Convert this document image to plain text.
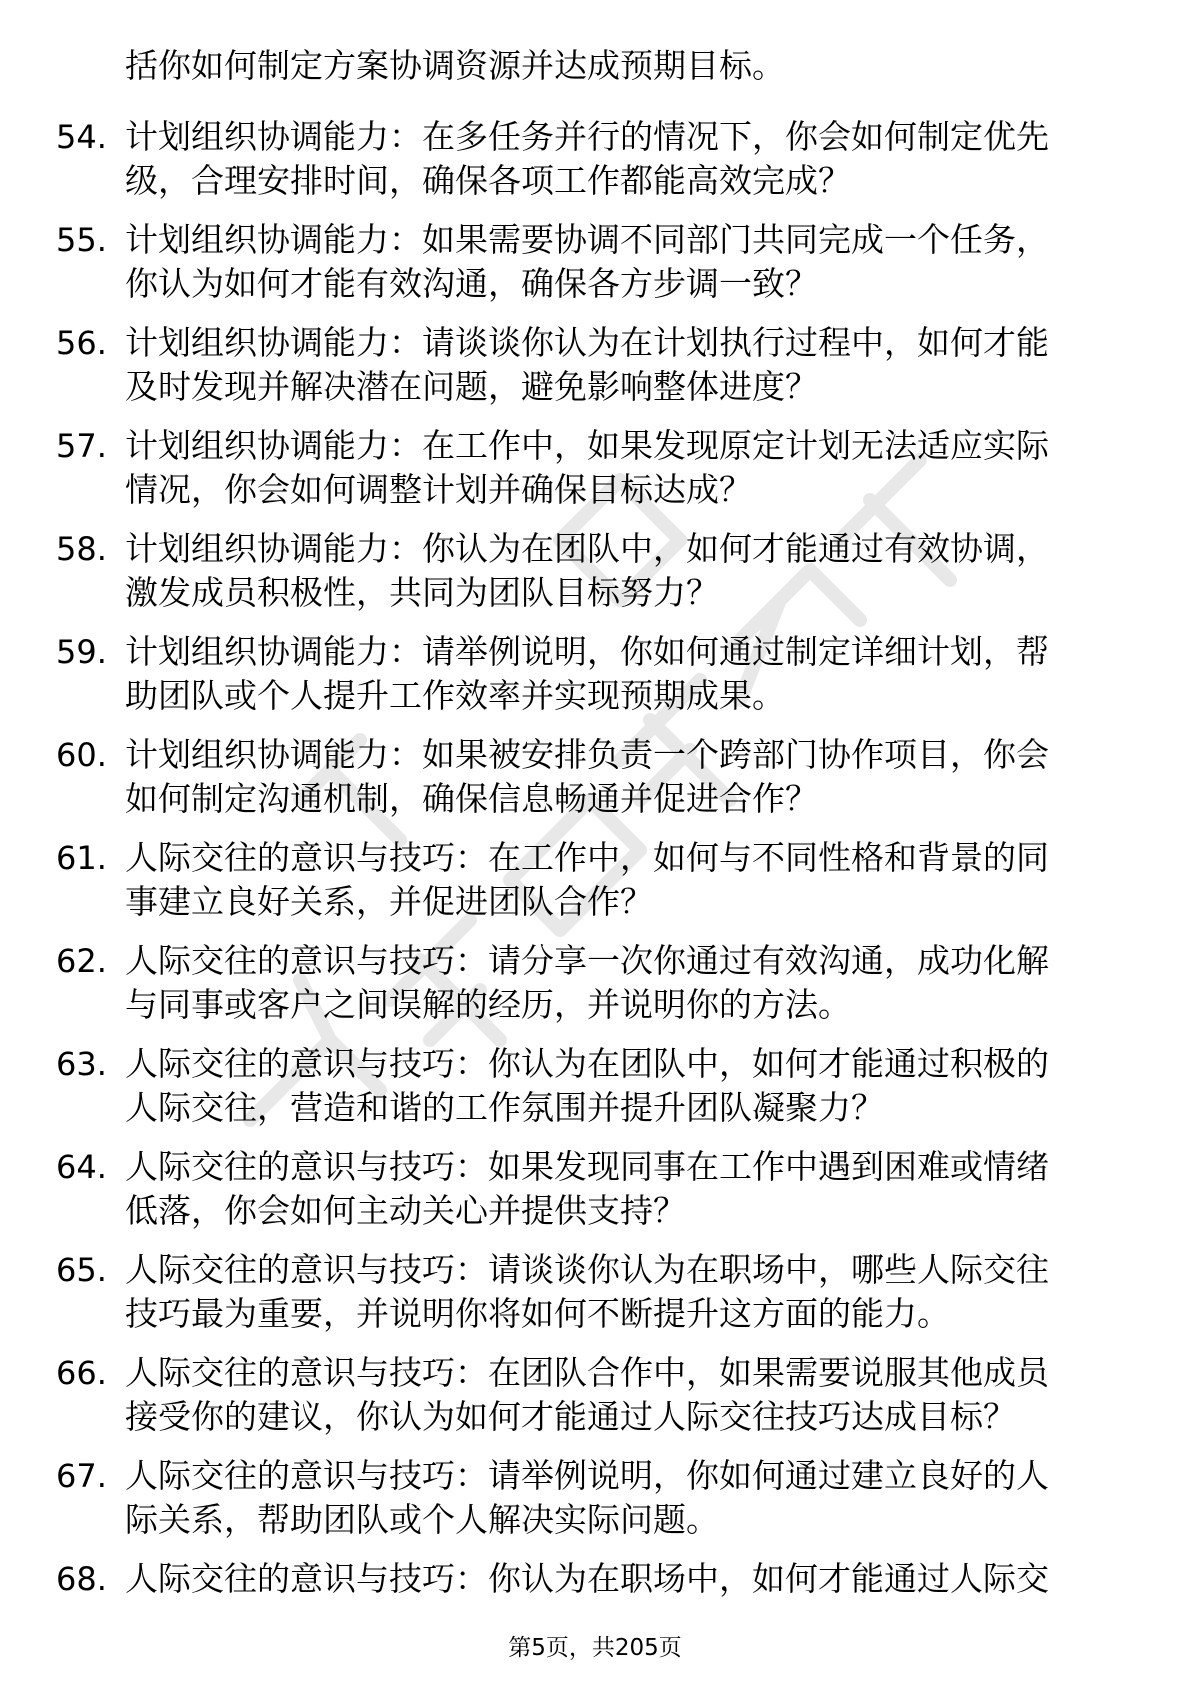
括你如何制定方案协调资源并达成预期目标。
54. 计划组织协调能力：在多任务并行的情况下，你会如何制定优先
级，合理安排时间，确保各项工作都能高效完成？
55. 计划组织协调能力：如果需要协调不同部门共同完成一个任务，
你认为如何才能有效沟通，确保各方步调一致？
56. 计划组织协调能力：请谈谈你认为在计划执行过程中，如何才能
及时发现并解决潜在问题，避免影响整体进度？
57. 计划组织协调能力：在工作中，如果发现原定计划无法适应实际
情况，你会如何调整计划并确保目标达成？
58. 计划组织协调能力：你认为在团队中，如何才能通过有效协调，
激发成员积极性，共同为团队目标努力？
59. 计划组织协调能力：请举例说明，你如何通过制定详细计划，帮
助团队或个人提升工作效率并实现预期成果。
60. 计划组织协调能力：如果被安排负责一个跨部门协作项目，你会
如何制定沟通机制，确保信息畅通并促进合作？
61. 人际交往的意识与技巧：在工作中，如何与不同性格和背景的同
事建立良好关系，并促进团队合作？
62. 人际交往的意识与技巧：请分享一次你通过有效沟通，成功化解
与同事或客户之间误解的经历，并说明你的方法。
63. 人际交往的意识与技巧：你认为在团队中，如何才能通过积极的
人际交往，营造和谐的工作氛围并提升团队凝聚力？
64. 人际交往的意识与技巧：如果发现同事在工作中遇到困难或情绪
低落，你会如何主动关心并提供支持？
65. 人际交往的意识与技巧：请谈谈你认为在职场中，哪些人际交往
技巧最为重要，并说明你将如何不断提升这方面的能力。
66. 人际交往的意识与技巧：在团队合作中，如果需要说服其他成员
接受你的建议，你认为如何才能通过人际交往技巧达成目标？
67. 人际交往的意识与技巧：请举例说明，你如何通过建立良好的人
际关系，帮助团队或个人解决实际问题。
68. 人际交往的意识与技巧：你认为在职场中，如何才能通过人际交
第5页，共205页
